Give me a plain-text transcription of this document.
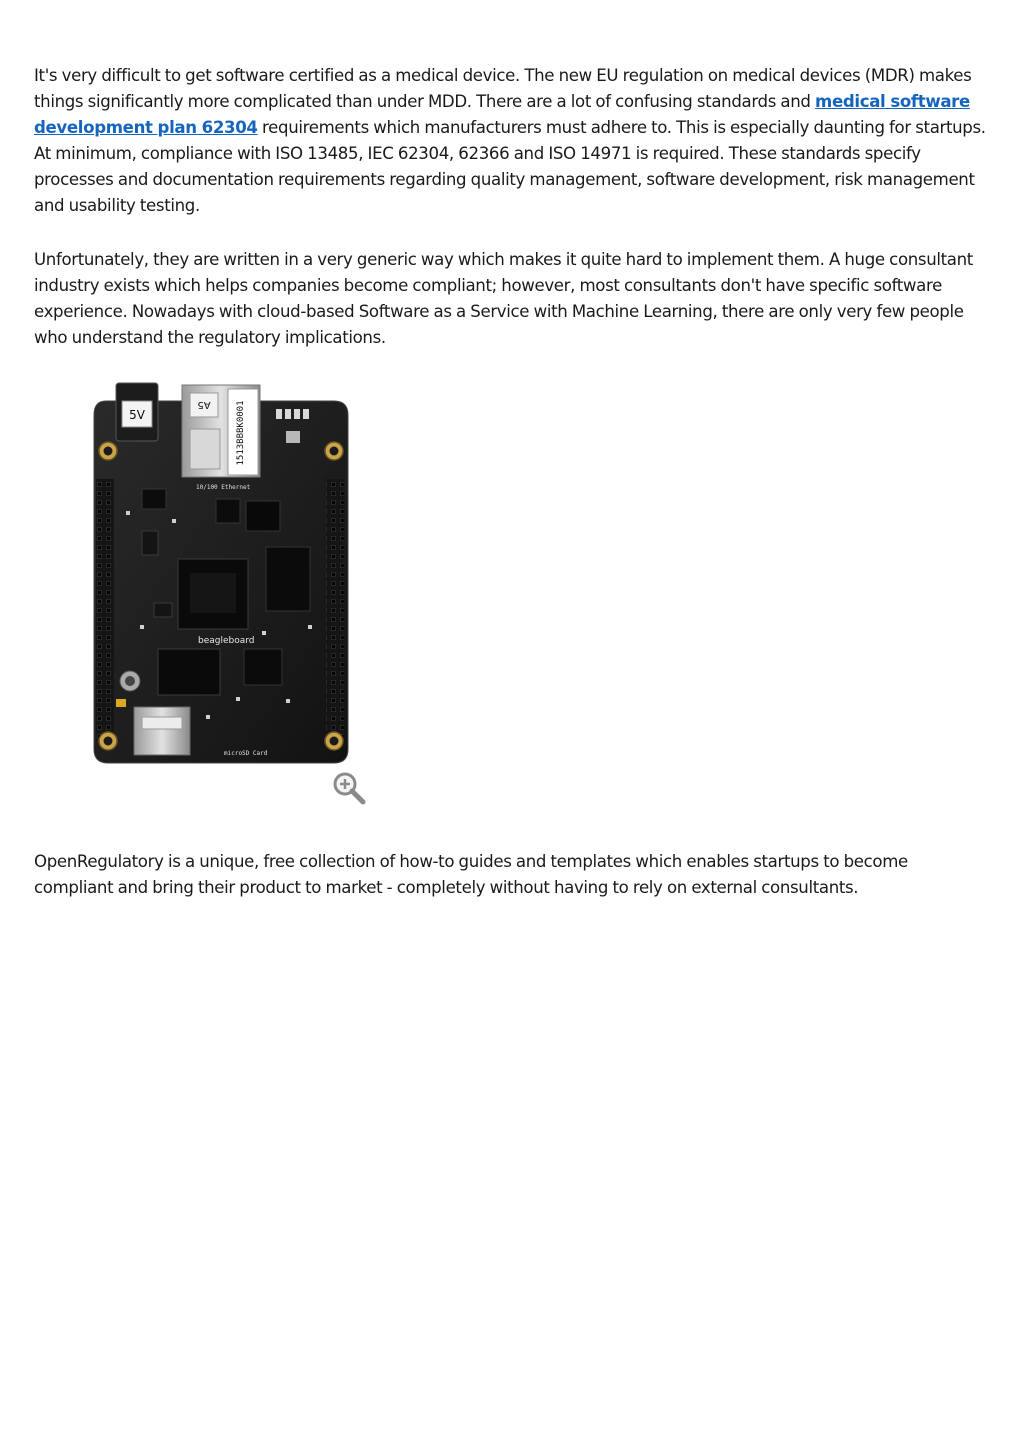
It's very difficult to get software certified as a medical device. The new EU regulation on medical devices (MDR) makes things significantly more complicated than under MDD. There are a lot of confusing standards and medical software development plan 62304 requirements which manufacturers must adhere to. This is especially daunting for startups. At minimum, compliance with ISO 13485, IEC 62304, 62366 and ISO 14971 is required. These standards specify processes and documentation requirements regarding quality management, software development, risk management and usability testing.

Unfortunately, they are written in a very generic way which makes it quite hard to implement them. A huge consultant industry exists which helps companies become compliant; however, most consultants don't have specific software experience. Nowadays with cloud-based Software as a Service with Machine Learning, there are only very few people who understand the regulatory implications.

5V
A5	1513BBBK0001
10/100 Ethernet
beagleboard
microSD Card

OpenRegulatory is a unique, free collection of how-to guides and templates which enables startups to become compliant and bring their product to market - completely without having to rely on external consultants.
